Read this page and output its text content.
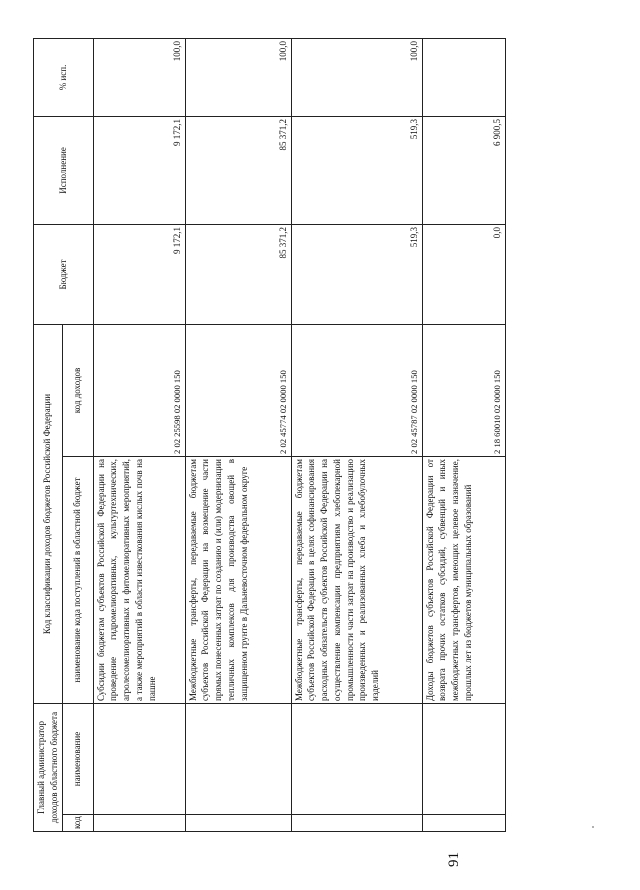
91
Главный администратор доходов областного бюджета		Код классификации доходов бюджетов Российской Федерации		Бюджет	Исполнение	% исп.
код	наименование	наименование кода поступлений в областной бюджет	код доходов			
		Субсидии бюджетам субъектов Российской Федерации на проведение гидромелиоративных, культуртехнических, агролесомелиоративных и фитомелиоративных мероприятий, а также мероприятий в области известкования кислых почв на пашне	2 02 25598 02 0000 150	9 172,1	9 172,1	100,0
		Межбюджетные трансферты, передаваемые бюджетам субъектов Российской Федерации на возмещение части прямых понесенных затрат по созданию и (или) модернизации тепличных комплексов для производства овощей в защищенном грунте в Дальневосточном федеральном округе	2 02 45774 02 0000 150	85 371,2	85 371,2	100,0
		Межбюджетные трансферты, передаваемые бюджетам субъектов Российской Федерации в целях софинансирования расходных обязательств субъектов Российской Федерации на осуществление компенсации предприятиям хлебопекарной промышленности части затрат на производство и реализацию произведенных и реализованных хлеба и хлебобулочных изделий	2 02 45787 02 0000 150	519,3	519,3	100,0
		Доходы бюджетов субъектов Российской Федерации от возврата прочих остатков субсидий, субвенций и иных межбюджетных трансфертов, имеющих целевое назначение, прошлых лет из бюджетов муниципальных образований	2 18 60010 02 0000 150	0,0	6 900,5	
